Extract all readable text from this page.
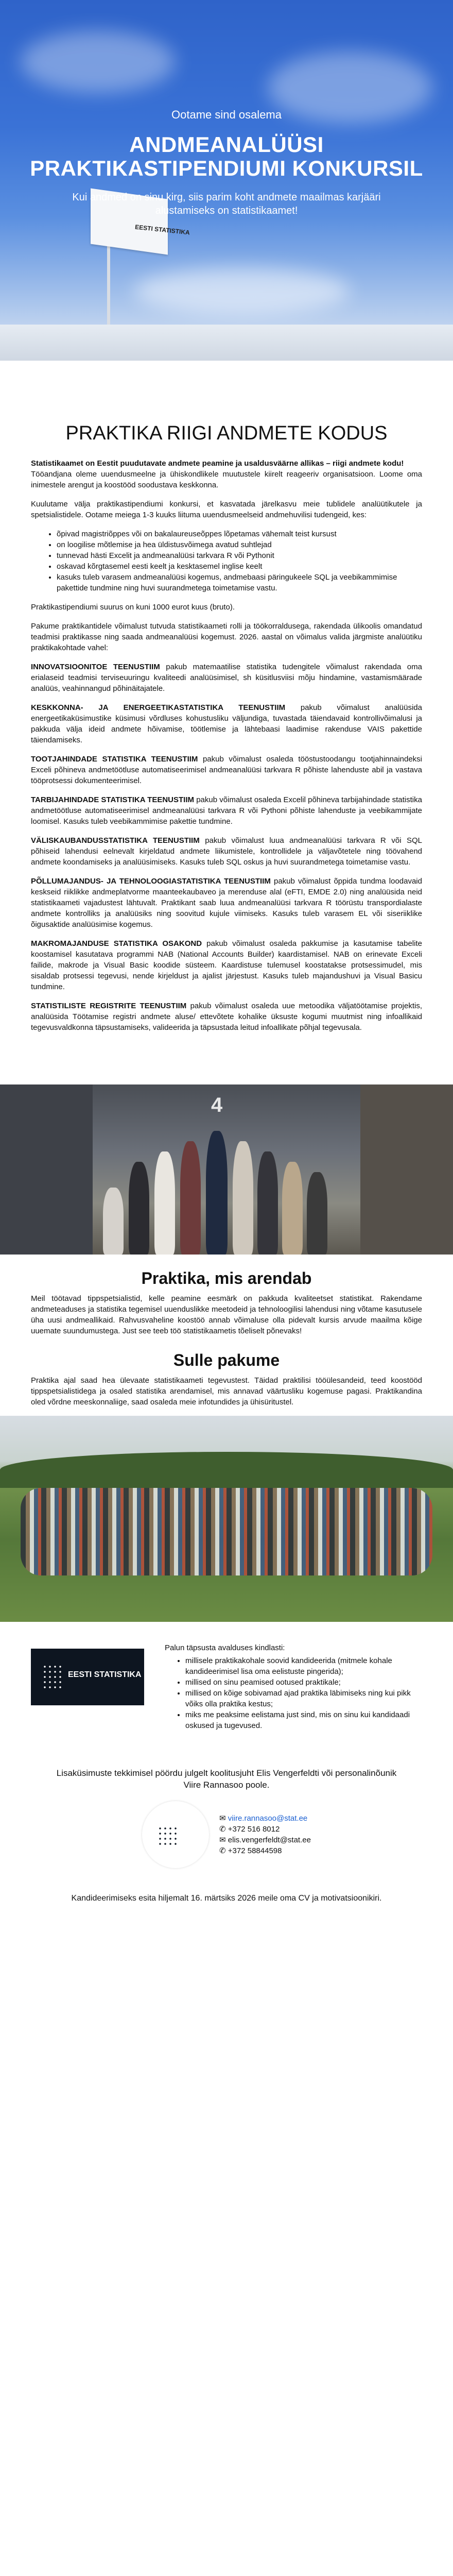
EESTI STATISTIKA
Ootame sind osalema
ANDMEANALÜÜSI
PRAKTIKASTIPENDIUMI KONKURSIL
Kui andmed on sinu kirg, siis parim koht andmete maailmas karjääri alustamiseks on statistikaamet!
PRAKTIKA RIIGI ANDMETE KODUS

Statistikaamet on Eestit puudutavate andmete peamine ja usaldusväärne allikas – riigi andmete kodu!
Tööandjana oleme uuendusmeelne ja ühiskondlikele muutustele kiirelt reageeriv organisatsioon. Loome oma inimestele arengut ja koostööd soodustava keskkonna.

Kuulutame välja praktikastipendiumi konkursi, et kasvatada järelkasvu meie tublidele analüütikutele ja spetsialistidele. Ootame meiega 1-3 kuuks liituma uuendusmeelseid andmehuvilisi tudengeid, kes:

• õpivad magistriõppes või on bakalaureuseõppes lõpetamas vähemalt teist kursust
• on loogilise mõtlemise ja hea üldistusvõimega avatud suhtlejad
• tunnevad hästi Excelit ja andmeanalüüsi tarkvara R või Pythonit
• oskavad kõrgtasemel eesti keelt ja kesktasemel inglise keelt
• kasuks tuleb varasem andmeanalüüsi kogemus, andmebaasi päringukeele SQL ja veebikammimise pakettide tundmine ning huvi suurandmetega toimetamise vastu.

Praktikastipendiumi suurus on kuni 1000 eurot kuus (bruto).

Pakume praktikantidele võimalust tutvuda statistikaameti rolli ja töökorraldusega, rakendada ülikoolis omandatud teadmisi praktikasse ning saada andmeanalüüsi kogemust. 2026. aastal on võimalus valida järgmiste analüütiku praktikakohtade vahel:

INNOVATSIOONITOE TEENUSTIIM pakub matemaatilise statistika tudengitele võimalust rakendada oma erialaseid teadmisi terviseuuringu kvaliteedi analüüsimisel, sh küsitlusviisi mõju hindamine, vastamismäärade analüüs, veahinnangud põhinäitajatele.

KESKKONNA- JA ENERGEETIKASTATISTIKA TEENUSTIIM pakub võimalust analüüsida energeetikaküsimustike küsimusi võrdluses kohustusliku väljundiga, tuvastada täiendavaid kontrollivõimalusi ja pakkuda välja ideid andmete hõivamise, töötlemise ja lähtebaasi laadimise rakenduse VAIS pakettide täiendamiseks.

TOOTJAHINDADE STATISTIKA TEENUSTIIM pakub võimalust osaleda tööstustoodangu tootjahinnaindeksi Exceli põhineva andmetöötluse automatiseerimisel andmeanalüüsi tarkvara R põhiste lahenduste abil ja vastava tööprotsessi dokumenteerimisel.

TARBIJAHINDADE STATISTIKA TEENUSTIIM pakub võimalust osaleda Excelil põhineva tarbijahindade statistika andmetöötluse automatiseerimisel andmeanalüüsi tarkvara R või Pythoni põhiste lahenduste ja veebikammijate loomisel. Kasuks tuleb veebikammimise pakettie tundmine.

VÄLISKAUBANDUSSTATISTIKA TEENUSTIIM pakub võimalust luua andmeanalüüsi tarkvara R või SQL põhiseid lahendusi eelnevalt kirjeldatud andmete liikumistele, kontrollidele ja väljavõtetele ning töövahend andmete koondamiseks ja analüüsimiseks. Kasuks tuleb SQL oskus ja huvi suurandmetega toimetamise vastu.

PÕLLUMAJANDUS- JA TEHNOLOOGIASTATISTIKA TEENUSTIIM pakub võimalust õppida tundma loodavaid keskseid riiklikke andmeplatvorme maanteekaubaveo ja merenduse alal (eFTI, EMDE 2.0) ning analüüsida neid statistikaameti vajadustest lähtuvalt. Praktikant saab luua andmeanalüüsi tarkvara R töörüstu transpordialaste andmete kontrolliks ja analüüsiks ning soovitud kujule viimiseks. Kasuks tuleb varasem EL või siseriiklike õigusaktide analüüsimise kogemus.

MAKROMAJANDUSE STATISTIKA OSAKOND pakub võimalust osaleda pakkumise ja kasutamise tabelite koostamisel kasutatava programmi NAB (National Accounts Builder) kaardistamisel. NAB on erinevate Exceli failide, makrode ja Visual Basic koodide süsteem. Kaardistuse tulemusel koostatakse protsessimudel, mis sisaldab protsessi tegevusi, nende kirjeldust ja ajalist järjestust. Kasuks tuleb majandushuvi ja Visual Basicu tundmine.

STATISTILISTE REGISTRITE TEENUSTIIM pakub võimalust osaleda uue metoodika väljatöötamise projektis, analüüsida Töötamise registri andmete aluse/ ettevõtete kohalike üksuste kogumi muutmist ning infoallikaid tegevusvaldkonna täpsustamiseks, valideerida ja täpsustada leitud infoallikate põhjal tegevusala.

4
Praktika, mis arendab

Meil töötavad tippspetsialistid, kelle peamine eesmärk on pakkuda kvaliteetset statistikat. Rakendame andmeteaduses ja statistika tegemisel uuenduslikke meetodeid ja tehnoloogilisi lahendusi ning võtame kasutusele üha uusi andmeallikaid. Rahvusvaheline koostöö annab võimaluse olla pidevalt kursis arvude maailma kõige uuemate suundumustega. Just see teeb töö statistikaametis tõeliselt põnevaks!

Sulle pakume

Praktika ajal saad hea ülevaate statistikaameti tegevustest. Täidad praktilisi tööülesandeid, teed koostööd tippspetsialistidega ja osaled statistika arendamisel, mis annavad väärtusliku kogemuse pagasi. Praktikandina oled võrdne meeskonnaliige, saad osaleda meie infotundides ja ühisüritustel.

EESTI STATISTIKA

Palun täpsusta avalduses kindlasti:

• millisele praktikakohale soovid kandideerida (mitmele kohale kandideerimisel lisa oma eelistuste pingerida);
• millised on sinu peamised ootused praktikale;
• millised on kõige sobivamad ajad praktika läbimiseks ning kui pikk võiks olla praktika kestus;
• miks me peaksime eelistama just sind, mis on sinu kui kandidaadi oskused ja tugevused.
Lisaküsimuste tekkimisel pöördu julgelt koolitusjuht Elis Vengerfeldti või personalinõunik Viire Rannasoo poole.
✉ viire.rannasoo@stat.ee
✆ +372 516 8012
✉ elis.vengerfeldt@stat.ee
✆ +372 58844598
Kandideerimiseks esita hiljemalt 16. märtsiks 2026 meile oma CV ja motivatsioonikiri.
